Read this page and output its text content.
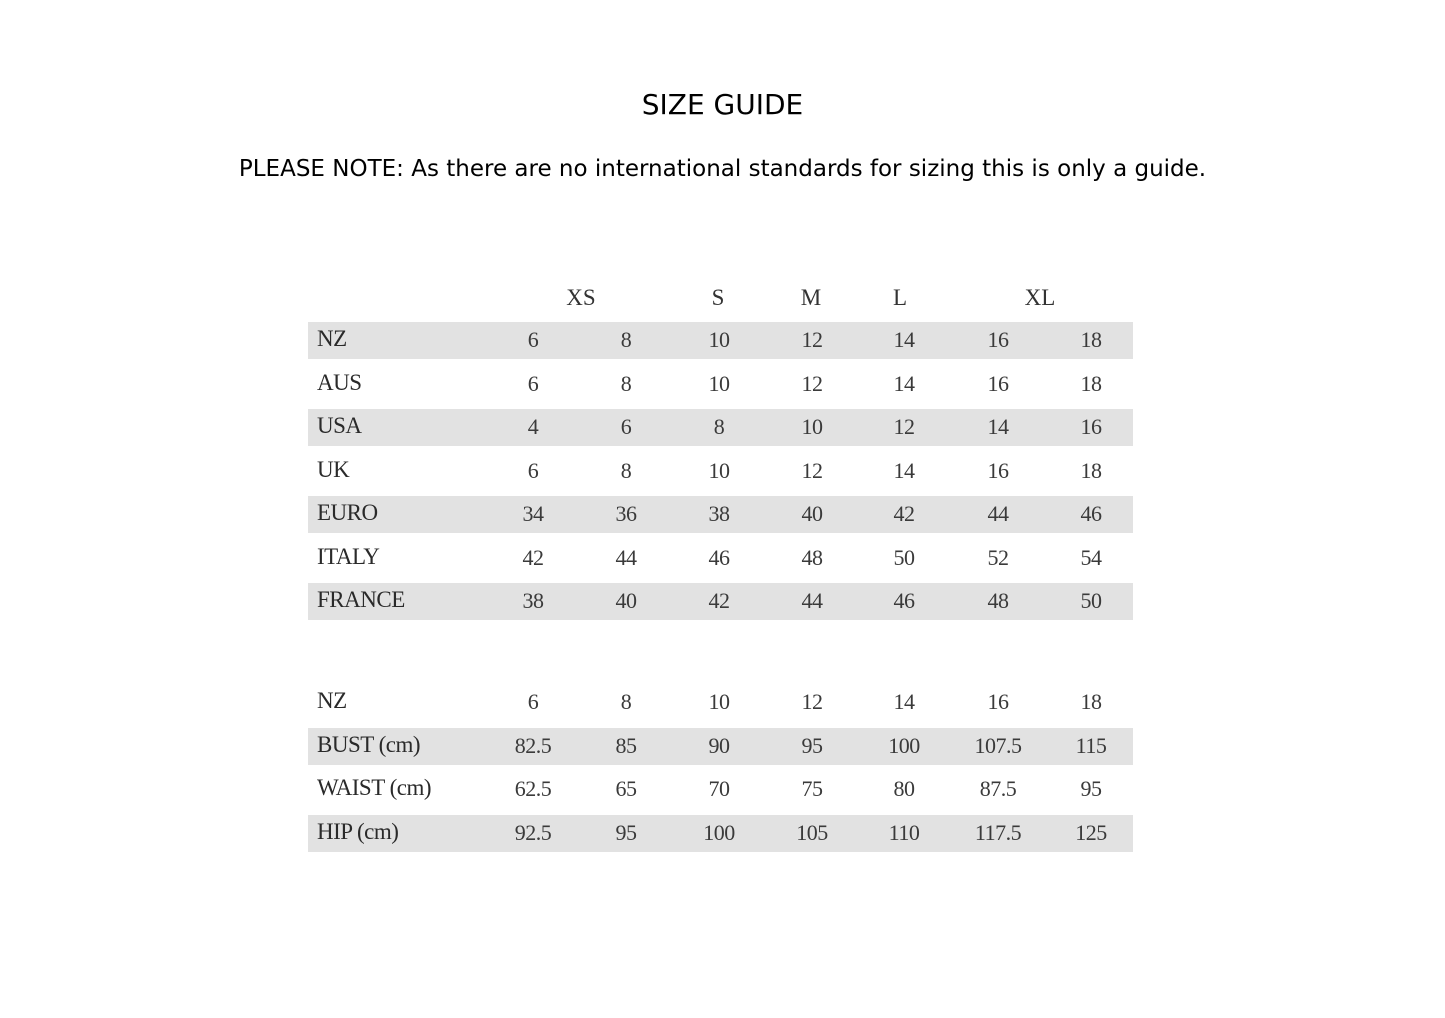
SIZE GUIDE

PLEASE NOTE: As there are no international standards for sizing this is only a guide.

XS	S	M	L	XL
NZ	6	8	10	12	14	16	18
AUS	6	8	10	12	14	16	18
USA	4	6	8	10	12	14	16
UK	6	8	10	12	14	16	18
EURO	34	36	38	40	42	44	46
ITALY	42	44	46	48	50	52	54
FRANCE	38	40	42	44	46	48	50
NZ	6	8	10	12	14	16	18
BUST (cm)	82.5	85	90	95	100 107.5 115
WAIST (cm)	62.5	65	70	75	80	87.5	95
HIP (cm)	92.5	95	100	105	110	117.5 125
